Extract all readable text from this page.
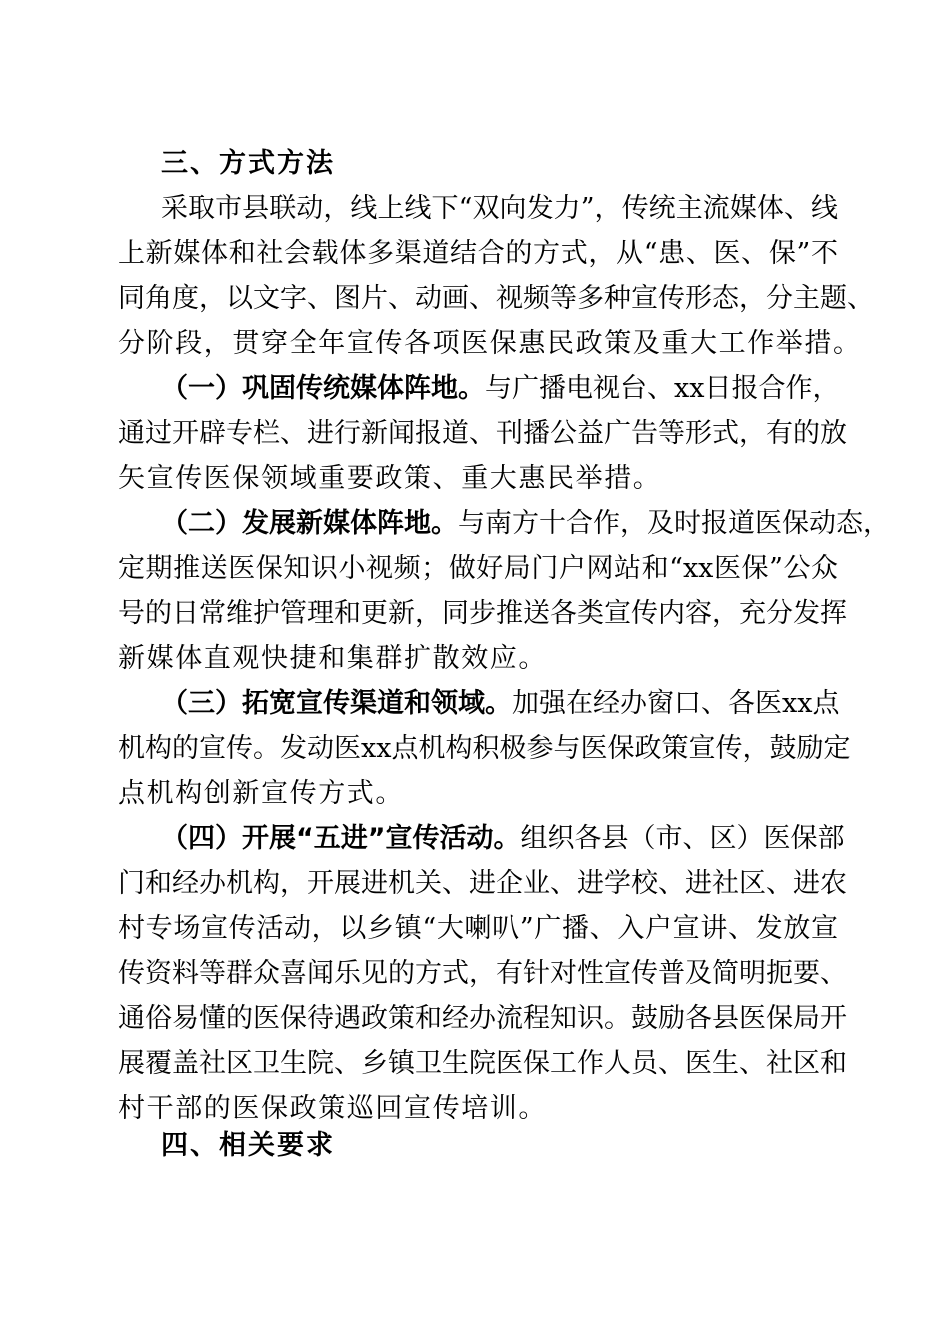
三、方式方法
采取市县联动，线上线下“双向发力”，传统主流媒体、线
上新媒体和社会载体多渠道结合的方式，从“患、医、保”不
同角度，以文字、图片、动画、视频等多种宣传形态，分主题、
分阶段，贯穿全年宣传各项医保惠民政策及重大工作举措。
（一）巩固传统媒体阵地。与广播电视台、xx日报合作，
通过开辟专栏、进行新闻报道、刊播公益广告等形式，有的放
矢宣传医保领域重要政策、重大惠民举措。
（二）发展新媒体阵地。与南方十合作，及时报道医保动态，
定期推送医保知识小视频；做好局门户网站和“xx医保”公众
号的日常维护管理和更新，同步推送各类宣传内容，充分发挥
新媒体直观快捷和集群扩散效应。
（三）拓宽宣传渠道和领域。加强在经办窗口、各医xx点
机构的宣传。发动医xx点机构积极参与医保政策宣传，鼓励定
点机构创新宣传方式。
（四）开展“五进”宣传活动。组织各县（市、区）医保部
门和经办机构，开展进机关、进企业、进学校、进社区、进农
村专场宣传活动，以乡镇“大喇叭”广播、入户宣讲、发放宣
传资料等群众喜闻乐见的方式，有针对性宣传普及简明扼要、
通俗易懂的医保待遇政策和经办流程知识。鼓励各县医保局开
展覆盖社区卫生院、乡镇卫生院医保工作人员、医生、社区和
村干部的医保政策巡回宣传培训。
四、相关要求
